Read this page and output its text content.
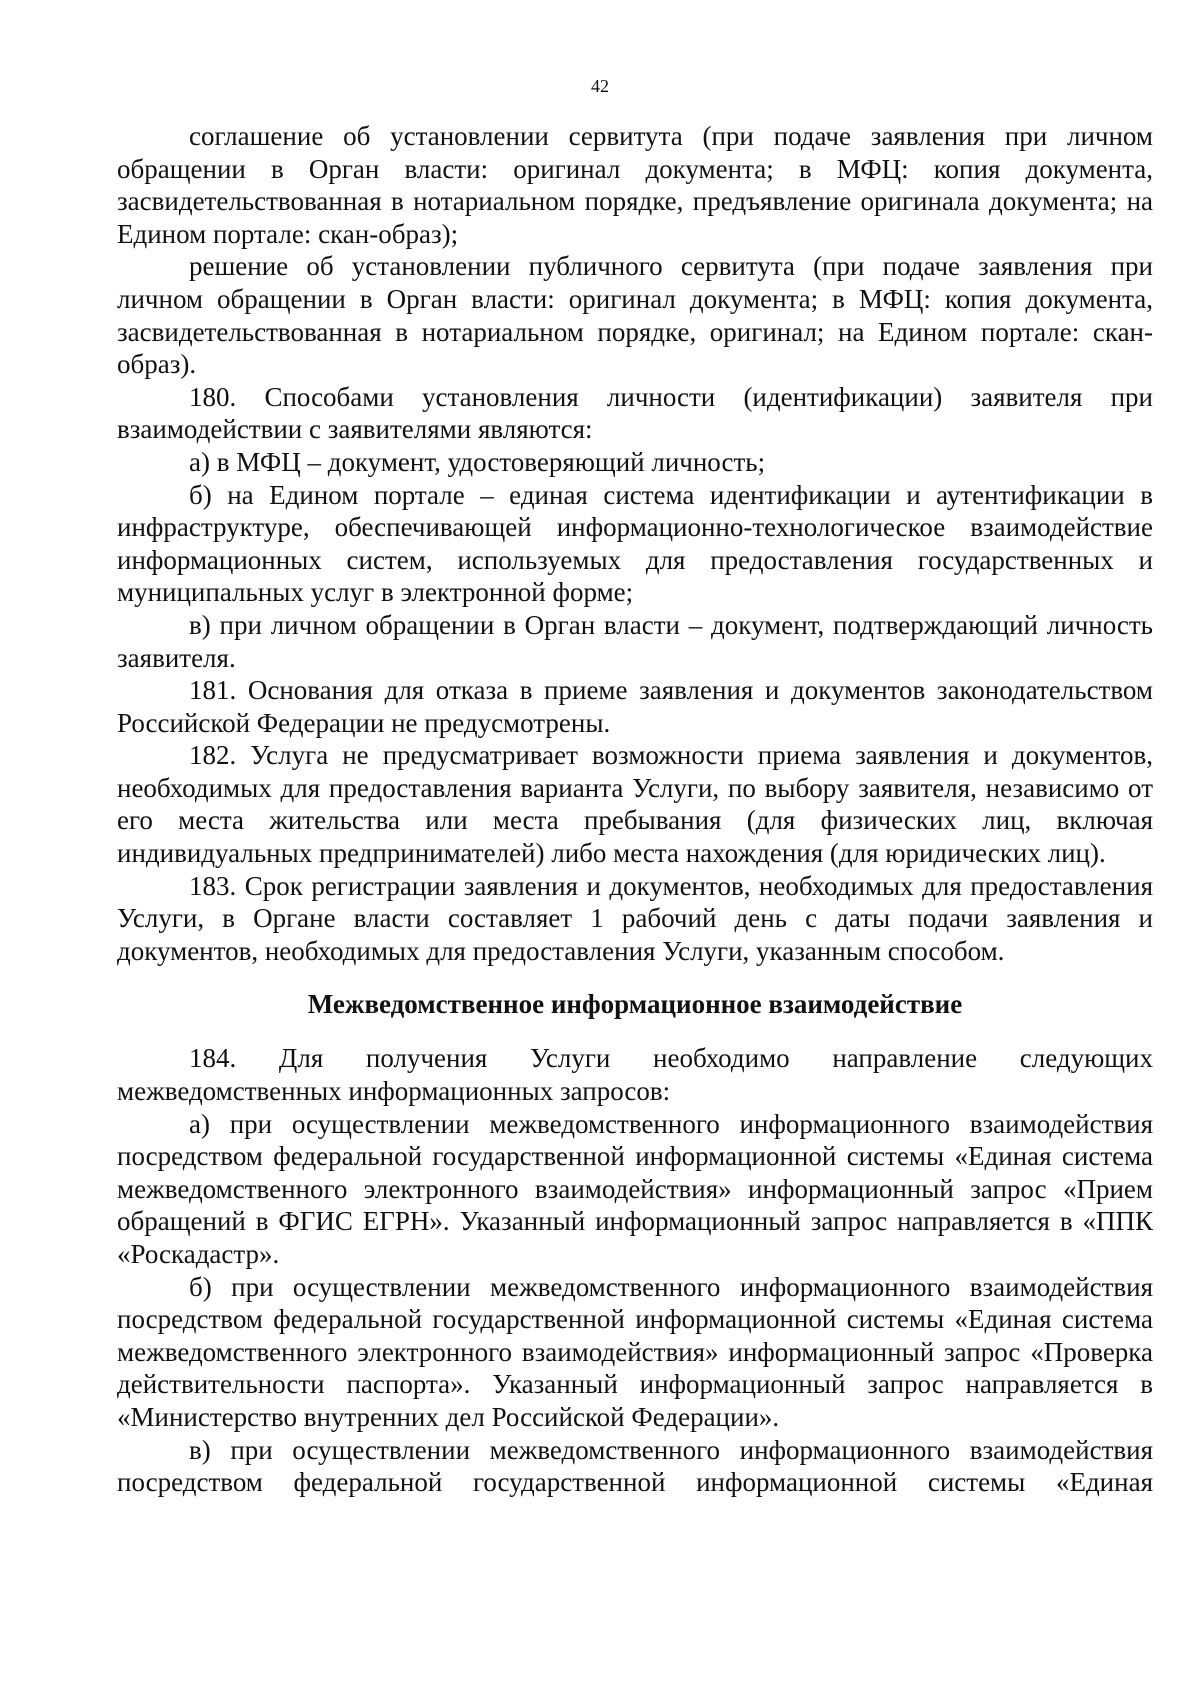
42

соглашение об установлении сервитута (при подаче заявления при личном обращении в Орган власти: оригинал документа; в МФЦ: копия документа, засвидетельствованная в нотариальном порядке, предъявление оригинала документа; на Едином портале: скан-образ);

решение об установлении публичного сервитута (при подаче заявления при личном обращении в Орган власти: оригинал документа; в МФЦ: копия документа, засвидетельствованная в нотариальном порядке, оригинал; на Едином портале: скан-образ).

180. Способами установления личности (идентификации) заявителя при взаимодействии с заявителями являются:

а) в МФЦ – документ, удостоверяющий личность;

б) на Едином портале – единая система идентификации и аутентификации в инфраструктуре, обеспечивающей информационно-технологическое взаимодействие информационных систем, используемых для предоставления государственных и муниципальных услуг в электронной форме;

в) при личном обращении в Орган власти – документ, подтверждающий личность заявителя.

181. Основания для отказа в приеме заявления и документов законодательством Российской Федерации не предусмотрены.

182. Услуга не предусматривает возможности приема заявления и документов, необходимых для предоставления варианта Услуги, по выбору заявителя, независимо от его места жительства или места пребывания (для физических лиц, включая индивидуальных предпринимателей) либо места нахождения (для юридических лиц).

183. Срок регистрации заявления и документов, необходимых для предоставления Услуги, в Органе власти составляет 1 рабочий день с даты подачи заявления и документов, необходимых для предоставления Услуги, указанным способом.

Межведомственное информационное взаимодействие

184. Для получения Услуги необходимо направление следующих межведомственных информационных запросов:

а) при осуществлении межведомственного информационного взаимодействия посредством федеральной государственной информационной системы «Единая система межведомственного электронного взаимодействия» информационный запрос «Прием обращений в ФГИС ЕГРН». Указанный информационный запрос направляется в «ППК «Роскадастр».

б) при осуществлении межведомственного информационного взаимодействия посредством федеральной государственной информационной системы «Единая система межведомственного электронного взаимодействия» информационный запрос «Проверка действительности паспорта». Указанный информационный запрос направляется в «Министерство внутренних дел Российской Федерации».

в) при осуществлении межведомственного информационного взаимодействия посредством федеральной государственной информационной системы «Единая
